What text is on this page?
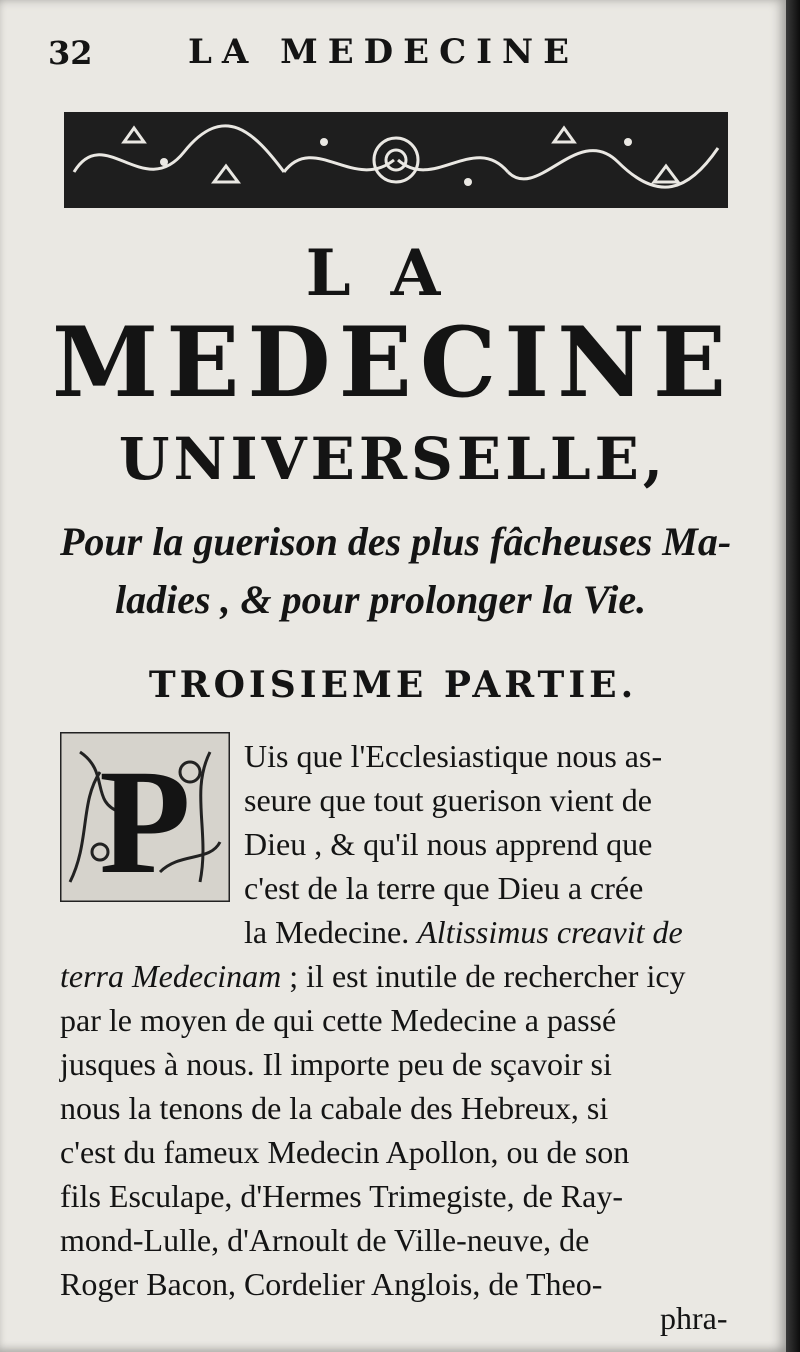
32	LA MEDECINE
LA
MEDECINE
UNIVERSELLE,
Pour la guerison des plus fâcheuses Ma-
ladies , & pour prolonger la Vie.
TROISIEME PARTIE.
P Uis que l'Ecclesiastique nous as-
seure que tout guerison vient de
Dieu , & qu'il nous apprend que
c'est de la terre que Dieu a crée
la Medecine. Altissimus creavit de
terra Medecinam ; il est inutile de rechercher icy
par le moyen de qui cette Medecine a passé
jusques à nous. Il importe peu de sçavoir si
nous la tenons de la cabale des Hebreux, si
c'est du fameux Medecin Apollon, ou de son
fils Esculape, d'Hermes Trimegiste, de Ray-
mond-Lulle, d'Arnoult de Ville-neuve, de
Roger Bacon, Cordelier Anglois, de Theo-
phra-
